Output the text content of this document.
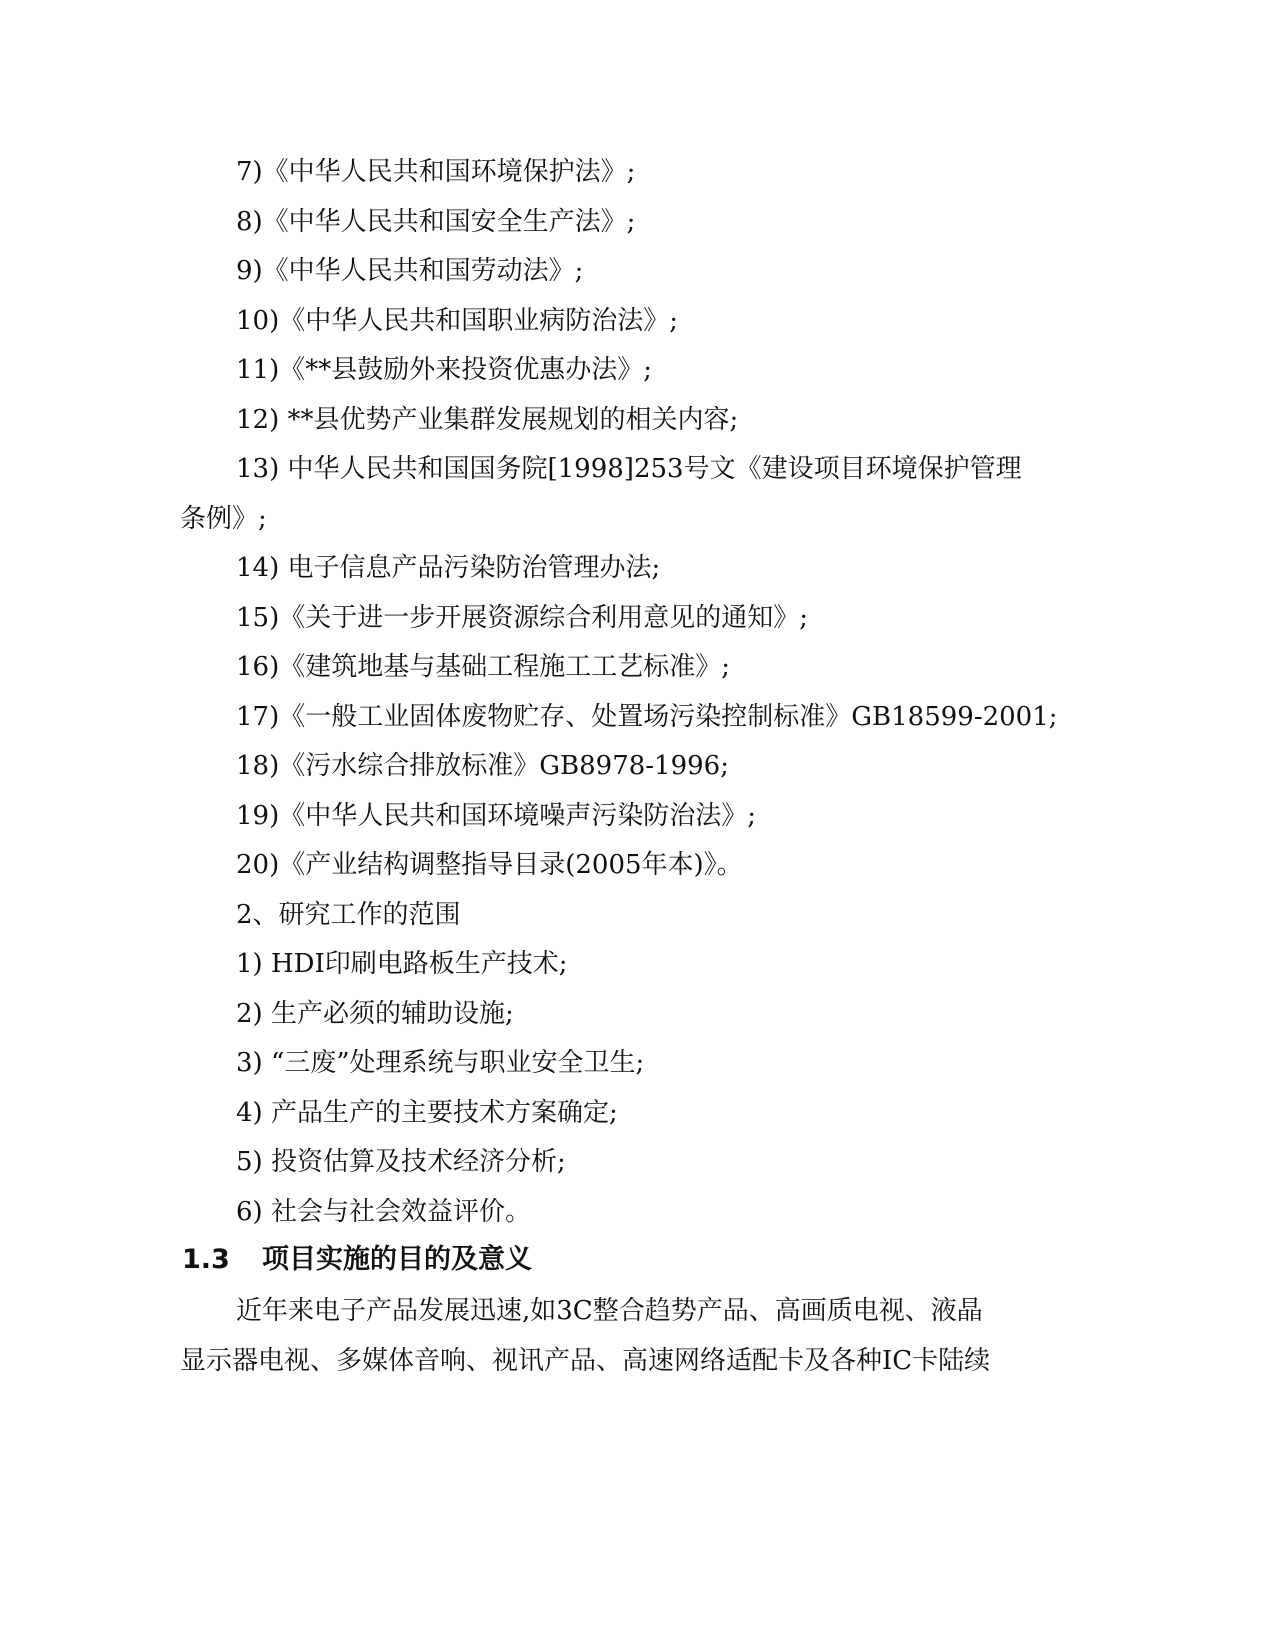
7)《中华人民共和国环境保护法》;
8)《中华人民共和国安全生产法》;
9)《中华人民共和国劳动法》;
10)《中华人民共和国职业病防治法》;
11)《**县鼓励外来投资优惠办法》;
12) **县优势产业集群发展规划的相关内容;
13) 中华人民共和国国务院[1998]253号文《建设项目环境保护管理
条例》;
14) 电子信息产品污染防治管理办法;
15)《关于进一步开展资源综合利用意见的通知》;
16)《建筑地基与基础工程施工工艺标准》;
17)《一般工业固体废物贮存、处置场污染控制标准》GB18599-2001;
18)《污水综合排放标准》GB8978-1996;
19)《中华人民共和国环境噪声污染防治法》;
20)《产业结构调整指导目录(2005年本)》。
2、研究工作的范围
1) HDI印刷电路板生产技术;
2) 生产必须的辅助设施;
3) “三废”处理系统与职业安全卫生;
4) 产品生产的主要技术方案确定;
5) 投资估算及技术经济分析;
6) 社会与社会效益评价。
1.3 项目实施的目的及意义
近年来电子产品发展迅速,如3C整合趋势产品、高画质电视、液晶
显示器电视、多媒体音响、视讯产品、高速网络适配卡及各种IC卡陆续
